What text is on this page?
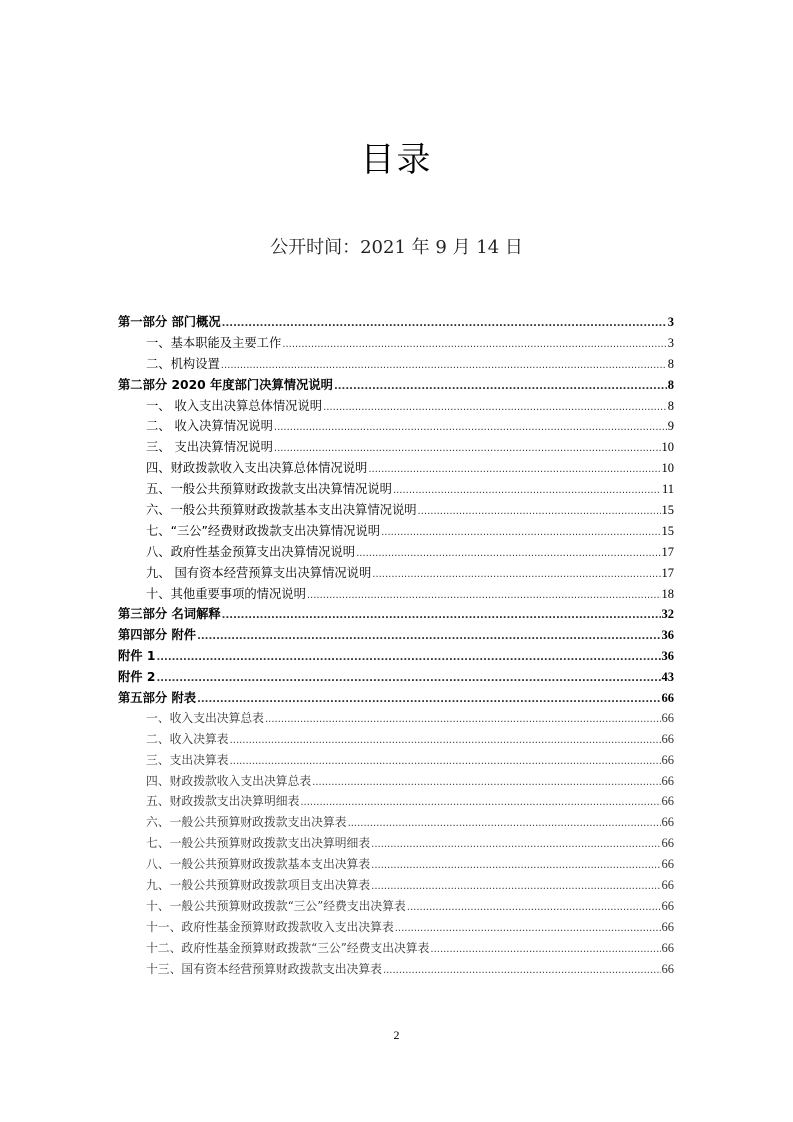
目录
公开时间：2021 年 9 月 14 日
第一部分 部门概况 .....	3
一、基本职能及主要工作 .....	3
二、机构设置 .....	8
第二部分 2020 年度部门决算情况说明 .....	8
一、 收入支出决算总体情况说明 .....	8
二、 收入决算情况说明 .....	9
三、 支出决算情况说明 .....	10
四、财政拨款收入支出决算总体情况说明 .....	10
五、一般公共预算财政拨款支出决算情况说明 .....	11
六、一般公共预算财政拨款基本支出决算情况说明 .....	15
七、“三公”经费财政拨款支出决算情况说明 .....	15
八、政府性基金预算支出决算情况说明 .....	17
九、 国有资本经营预算支出决算情况说明 .....	17
十、其他重要事项的情况说明 .....	18
第三部分 名词解释 .....	32
第四部分 附件 .....	36
附件 1 .....	36
附件 2 .....	43
第五部分 附表 .....	66
一、收入支出决算总表 .....	66
二、收入决算表 .....	66
三、支出决算表 .....	66
四、财政拨款收入支出决算总表 .....	66
五、财政拨款支出决算明细表 .....	66
六、一般公共预算财政拨款支出决算表 .....	66
七、一般公共预算财政拨款支出决算明细表 .....	66
八、一般公共预算财政拨款基本支出决算表 .....	66
九、一般公共预算财政拨款项目支出决算表 .....	66
十、一般公共预算财政拨款“三公”经费支出决算表 .....	66
十一、政府性基金预算财政拨款收入支出决算表 .....	66
十二、政府性基金预算财政拨款“三公”经费支出决算表 .....	66
十三、国有资本经营预算财政拨款支出决算表 .....	66
2
